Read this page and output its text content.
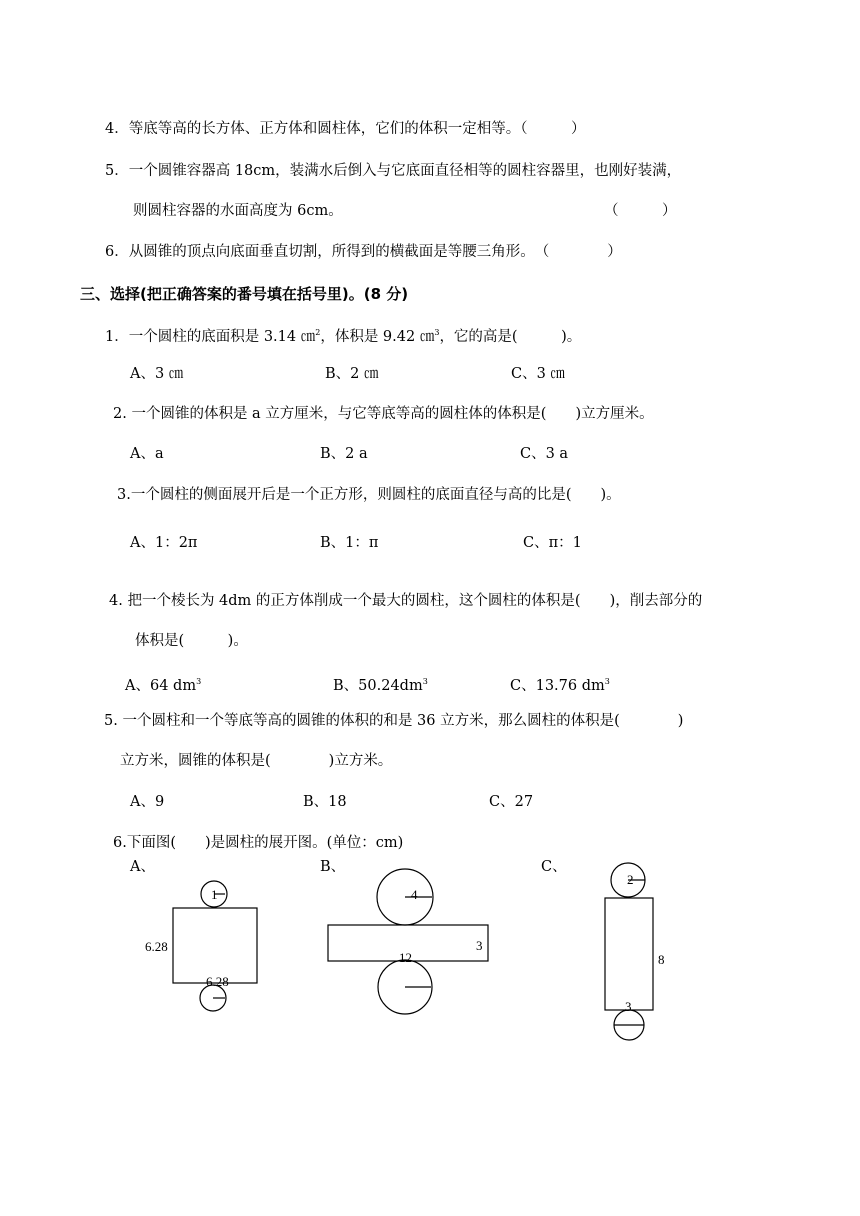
4．等底等高的长方体、正方体和圆柱体，它们的体积一定相等。（　　　）
5．一个圆锥容器高 18cm，装满水后倒入与它底面直径相等的圆柱容器里，也刚好装满，
则圆柱容器的水面高度为 6cm。	（　　　）
6．从圆锥的顶点向底面垂直切割，所得到的横截面是等腰三角形。　（　　　　）
三、选择(把正确答案的番号填在括号里)。(8 分)
1．一个圆柱的底面积是 3.14 ㎝$^2$，体积是 9.42 ㎝$^3$，它的高是(　　　)。
A、3 ㎝	B、2 ㎝	C、3 ㎝
2. 一个圆锥的体积是 a 立方厘米，与它等底等高的圆柱体的体积是(　　)立方厘米。
A、a	B、2 a	C、3 a
3.一个圆柱的侧面展开后是一个正方形，则圆柱的底面直径与高的比是(　　)。
A、1：2π	B、1：π	C、π：1
4. 把一个棱长为 4dm 的正方体削成一个最大的圆柱，这个圆柱的体积是(　　)，削去部分的
体积是(　　　)。
A、64 $dm^3$	B、$50.24dm^3$	C、13.76 $dm^3$
5. 一个圆柱和一个等底等高的圆锥的体积的和是 36 立方米，那么圆柱的体积是(　　　　)
立方米，圆锥的体积是(　　　　)立方米。
A、9	B、18	C、27
6.下面图(　　)是圆柱的展开图。(单位：cm)
A、	B、	C、
1
6.28
6.28
4
3
12
2
8
3
